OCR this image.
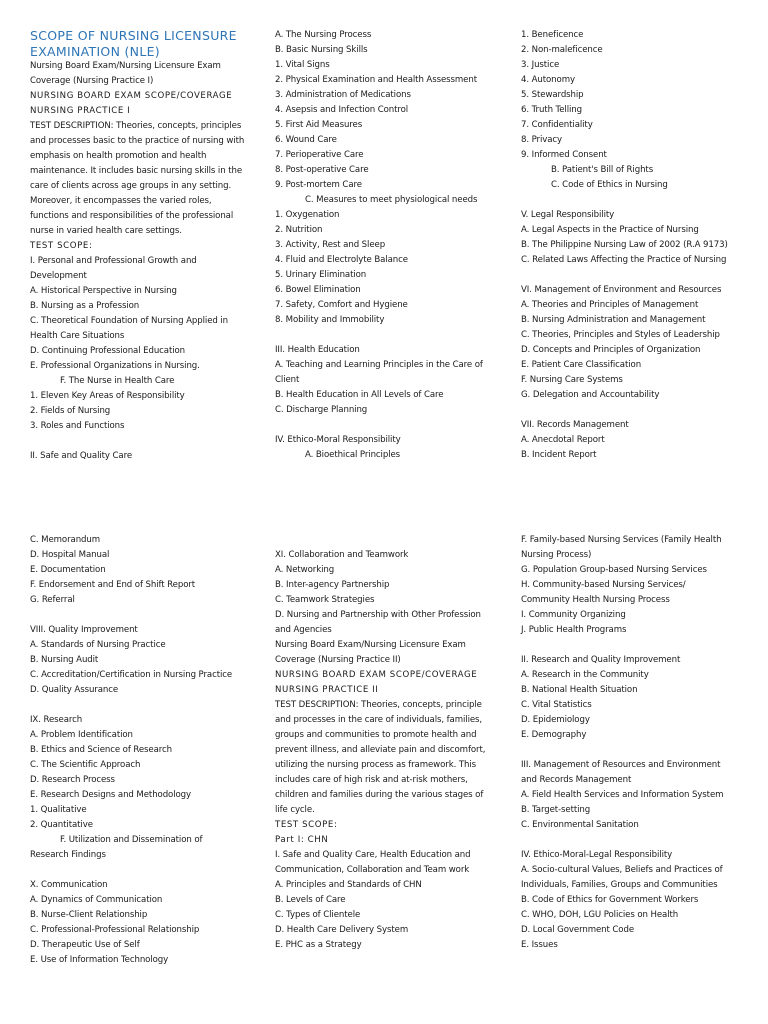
SCOPE OF NURSING LICENSURE EXAMINATION (NLE)
Nursing Board Exam/Nursing Licensure Exam Coverage (Nursing Practice I)
NURSING BOARD EXAM SCOPE/COVERAGE
NURSING PRACTICE I
TEST DESCRIPTION: Theories, concepts, principles and processes basic to the practice of nursing with emphasis on health promotion and health maintenance. It includes basic nursing skills in the care of clients across age groups in any setting. Moreover, it encompasses the varied roles, functions and responsibilities of the professional nurse in varied health care settings.
TEST SCOPE:
I. Personal and Professional Growth and Development
A. Historical Perspective in Nursing
B. Nursing as a Profession
C. Theoretical Foundation of Nursing Applied in Health Care Situations
D. Continuing Professional Education
E. Professional Organizations in Nursing.
F. The Nurse in Health Care
1. Eleven Key Areas of Responsibility
2. Fields of Nursing
3. Roles and Functions
II. Safe and Quality Care
A. The Nursing Process
B. Basic Nursing Skills
1. Vital Signs
2. Physical Examination and Health Assessment
3. Administration of Medications
4. Asepsis and Infection Control
5. First Aid Measures
6. Wound Care
7. Perioperative Care
8. Post-operative Care
9. Post-mortem Care
C. Measures to meet physiological needs
1. Oxygenation
2. Nutrition
3. Activity, Rest and Sleep
4. Fluid and Electrolyte Balance
5. Urinary Elimination
6. Bowel Elimination
7. Safety, Comfort and Hygiene
8. Mobility and Immobility
III. Health Education
A. Teaching and Learning Principles in the Care of Client
B. Health Education in All Levels of Care
C. Discharge Planning
IV. Ethico-Moral Responsibility
A. Bioethical Principles
1. Beneficence
2. Non-maleficence
3. Justice
4. Autonomy
5. Stewardship
6. Truth Telling
7. Confidentiality
8. Privacy
9. Informed Consent
B. Patient's Bill of Rights
C. Code of Ethics in Nursing
V. Legal Responsibility
A. Legal Aspects in the Practice of Nursing
B. The Philippine Nursing Law of 2002 (R.A 9173)
C. Related Laws Affecting the Practice of Nursing
VI. Management of Environment and Resources
A. Theories and Principles of Management
B. Nursing Administration and Management
C. Theories, Principles and Styles of Leadership
D. Concepts and Principles of Organization
E. Patient Care Classification
F. Nursing Care Systems
G. Delegation and Accountability
VII. Records Management
A. Anecdotal Report
B. Incident Report
C. Memorandum
D. Hospital Manual
E. Documentation
F. Endorsement and End of Shift Report
G. Referral
VIII. Quality Improvement
A. Standards of Nursing Practice
B. Nursing Audit
C. Accreditation/Certification in Nursing Practice
D. Quality Assurance
IX. Research
A. Problem Identification
B. Ethics and Science of Research
C. The Scientific Approach
D. Research Process
E. Research Designs and Methodology
1. Qualitative
2. Quantitative
F. Utilization and Dissemination of
Research Findings
X. Communication
A. Dynamics of Communication
B. Nurse-Client Relationship
C. Professional-Professional Relationship
D. Therapeutic Use of Self
E. Use of Information Technology
XI. Collaboration and Teamwork
A. Networking
B. Inter-agency Partnership
C. Teamwork Strategies
D. Nursing and Partnership with Other Profession and Agencies
Nursing Board Exam/Nursing Licensure Exam Coverage (Nursing Practice II)
NURSING BOARD EXAM SCOPE/COVERAGE
NURSING PRACTICE II
TEST DESCRIPTION: Theories, concepts, principle and processes in the care of individuals, families, groups and communities to promote health and prevent illness, and alleviate pain and discomfort, utilizing the nursing process as framework. This includes care of high risk and at-risk mothers, children and families during the various stages of life cycle.
TEST SCOPE:
Part I: CHN
I. Safe and Quality Care, Health Education and Communication, Collaboration and Team work
A. Principles and Standards of CHN
B. Levels of Care
C. Types of Clientele
D. Health Care Delivery System
E. PHC as a Strategy
F. Family-based Nursing Services (Family Health Nursing Process)
G. Population Group-based Nursing Services
H. Community-based Nursing Services/ Community Health Nursing Process
I. Community Organizing
J. Public Health Programs
II. Research and Quality Improvement
A. Research in the Community
B. National Health Situation
C. Vital Statistics
D. Epidemiology
E. Demography
III. Management of Resources and Environment and Records Management
A. Field Health Services and Information System
B. Target-setting
C. Environmental Sanitation
IV. Ethico-Moral-Legal Responsibility
A. Socio-cultural Values, Beliefs and Practices of Individuals, Families, Groups and Communities
B. Code of Ethics for Government Workers
C. WHO, DOH, LGU Policies on Health
D. Local Government Code
E. Issues
